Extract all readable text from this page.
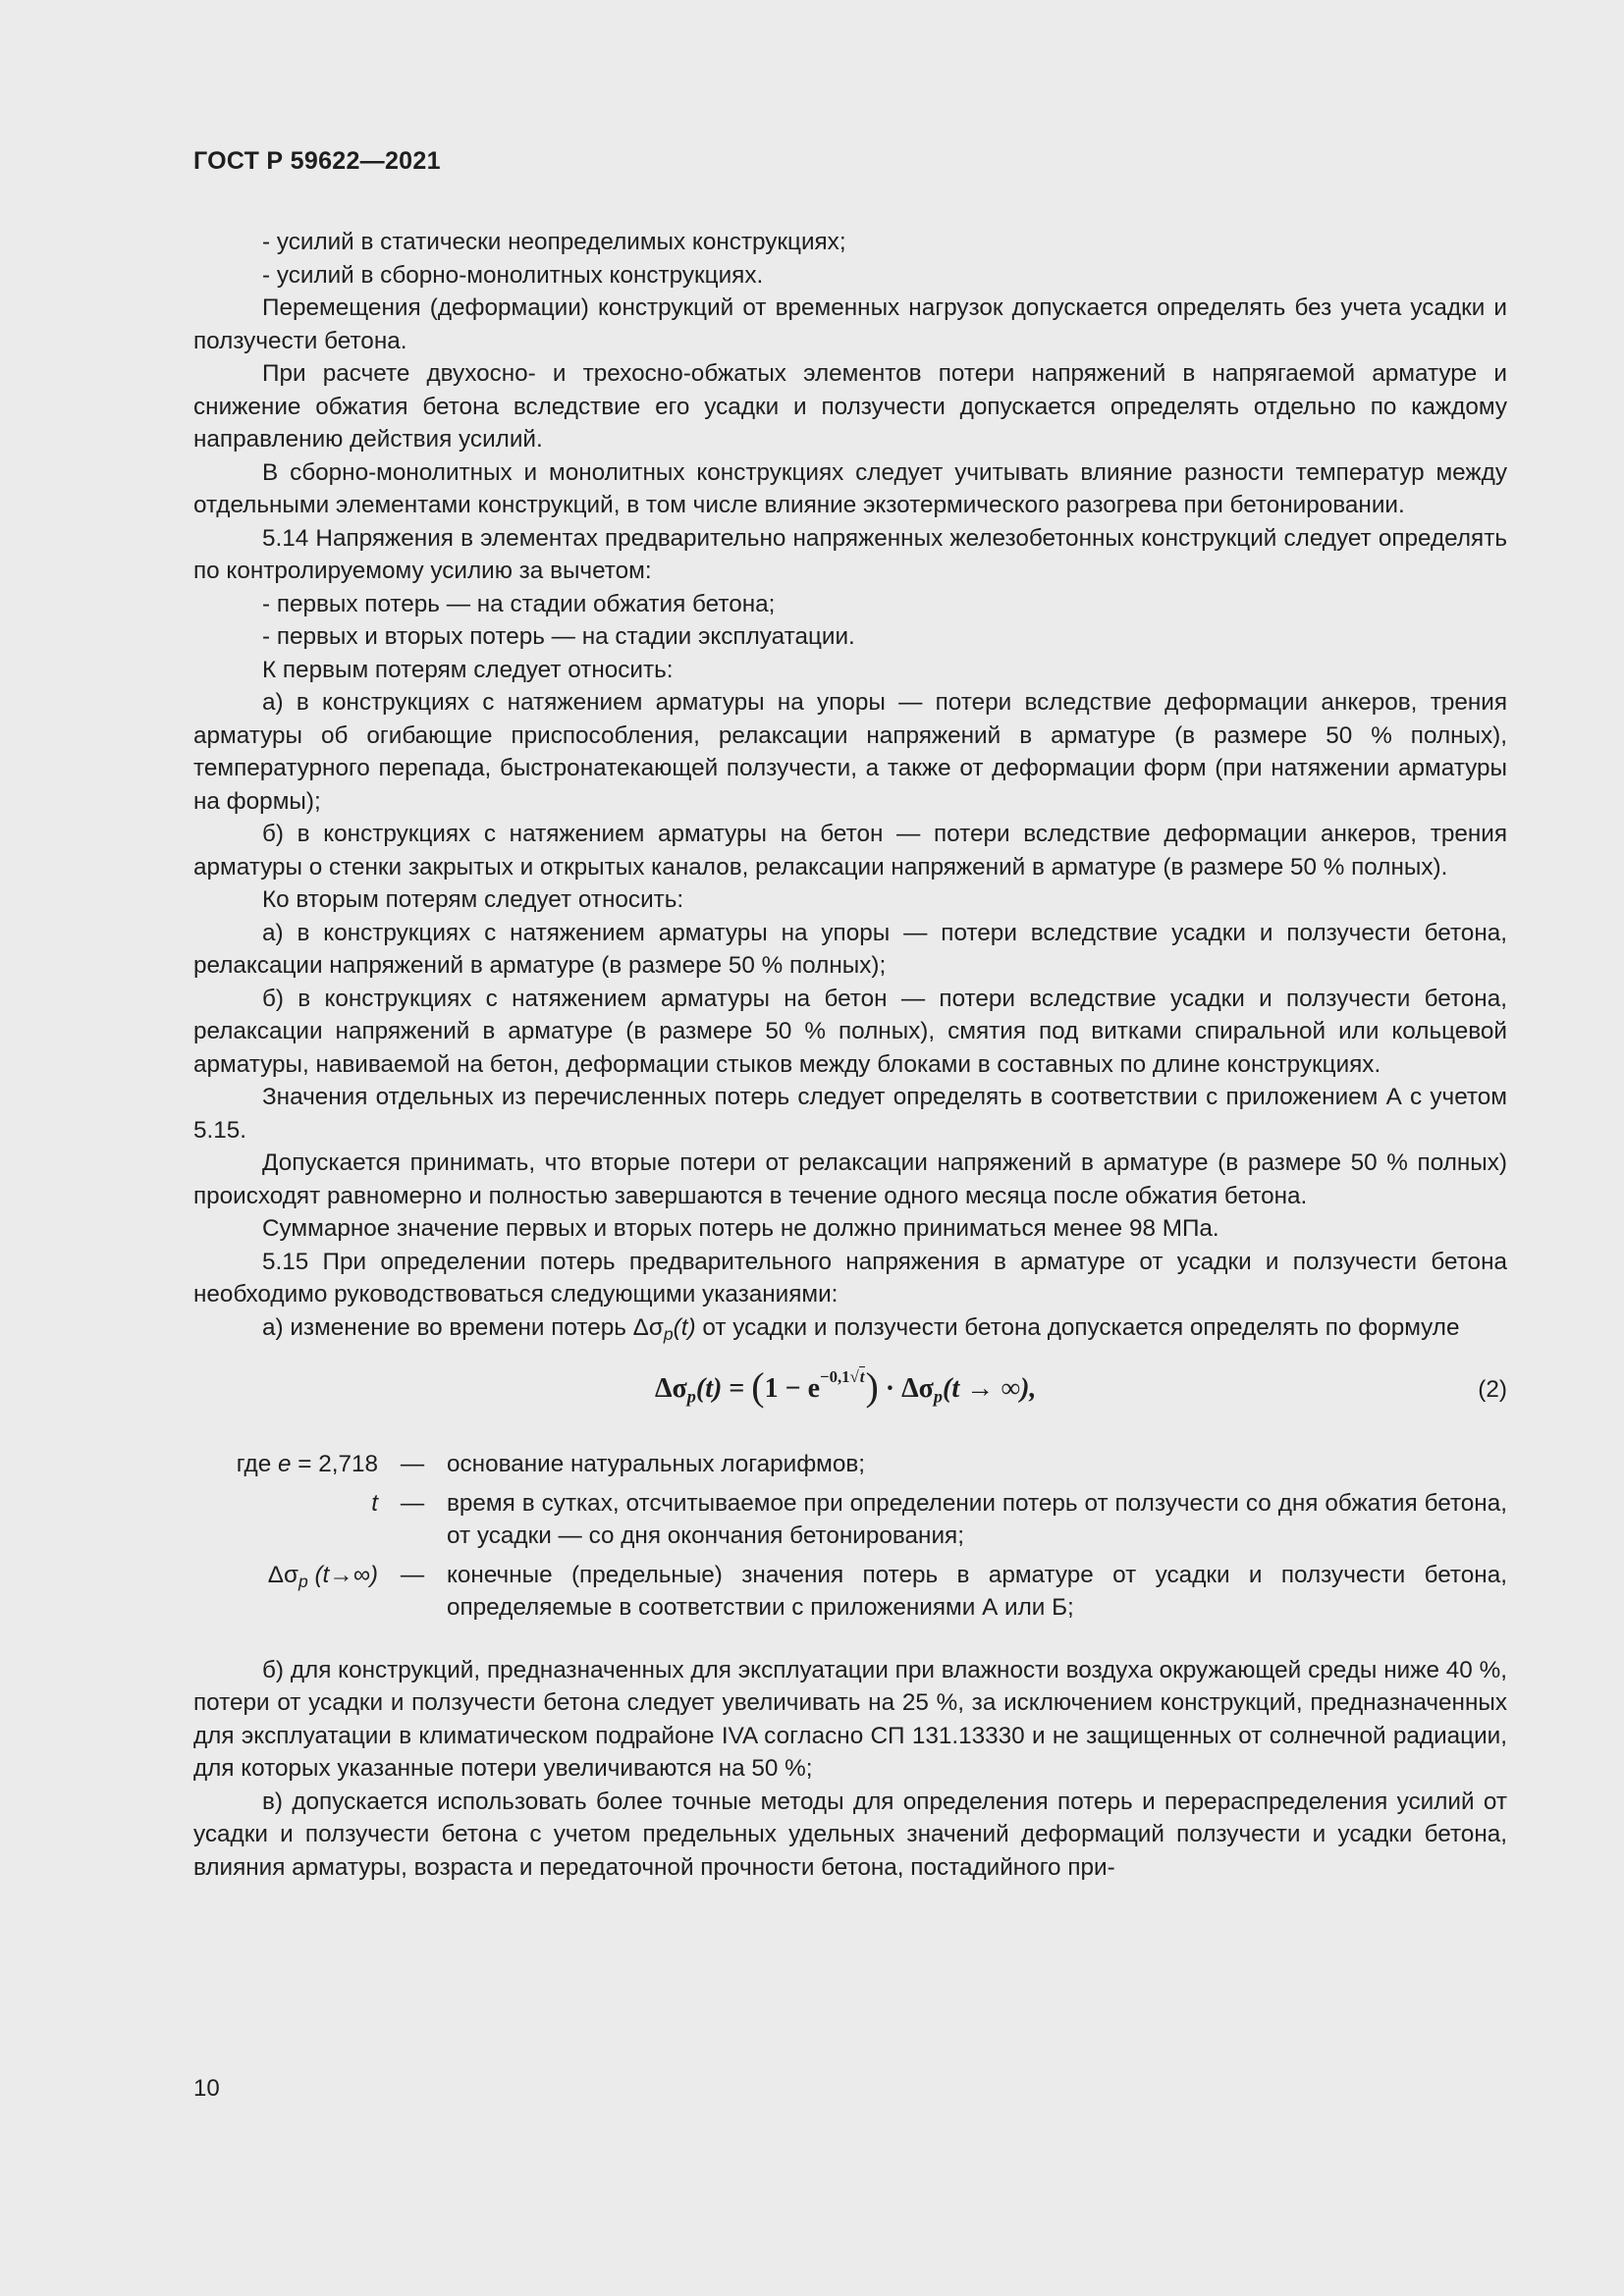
ГОСТ Р 59622—2021

- усилий в статически неопределимых конструкциях;

- усилий в сборно-монолитных конструкциях.

Перемещения (деформации) конструкций от временных нагрузок допускается определять без учета усадки и ползучести бетона.

При расчете двухосно- и трехосно-обжатых элементов потери напряжений в напрягаемой арматуре и снижение обжатия бетона вследствие его усадки и ползучести допускается определять отдельно по каждому направлению действия усилий.

В сборно-монолитных и монолитных конструкциях следует учитывать влияние разности температур между отдельными элементами конструкций, в том числе влияние экзотермического разогрева при бетонировании.

5.14 Напряжения в элементах предварительно напряженных железобетонных конструкций следует определять по контролируемому усилию за вычетом:

- первых потерь — на стадии обжатия бетона;

- первых и вторых потерь — на стадии эксплуатации.

К первым потерям следует относить:

а) в конструкциях с натяжением арматуры на упоры — потери вследствие деформации анкеров, трения арматуры об огибающие приспособления, релаксации напряжений в арматуре (в размере 50 % полных), температурного перепада, быстронатекающей ползучести, а также от деформации форм (при натяжении арматуры на формы);

б) в конструкциях с натяжением арматуры на бетон — потери вследствие деформации анкеров, трения арматуры о стенки закрытых и открытых каналов, релаксации напряжений в арматуре (в размере 50 % полных).

Ко вторым потерям следует относить:

а) в конструкциях с натяжением арматуры на упоры — потери вследствие усадки и ползучести бетона, релаксации напряжений в арматуре (в размере 50 % полных);

б) в конструкциях с натяжением арматуры на бетон — потери вследствие усадки и ползучести бетона, релаксации напряжений в арматуре (в размере 50 % полных), смятия под витками спиральной или кольцевой арматуры, навиваемой на бетон, деформации стыков между блоками в составных по длине конструкциях.

Значения отдельных из перечисленных потерь следует определять в соответствии с приложением А с учетом 5.15.

Допускается принимать, что вторые потери от релаксации напряжений в арматуре (в размере 50 % полных) происходят равномерно и полностью завершаются в течение одного месяца после обжатия бетона.

Суммарное значение первых и вторых потерь не должно приниматься менее 98 МПа.

5.15 При определении потерь предварительного напряжения в арматуре от усадки и ползучести бетона необходимо руководствоваться следующими указаниями:

а) изменение во времени потерь $\Delta\sigma_p(t)$ от усадки и ползучести бетона допускается определять по формуле

$\Delta\sigma_p(t) = (1 - e^{-0,1√t}) \cdot \Delta\sigma_p(t$ → ∞),	(2)
где e = 2,718 — основание натуральных логарифмов;
t — время в сутках, отсчитываемое при определении потерь от ползучести со дня обжатия бетона, от усадки — со дня окончания бетонирования;
$\Delta\sigma_p$ (t→∞) — конечные (предельные) значения потерь в арматуре от усадки и ползучести бетона, определяемые в соответствии с приложениями А или Б;

б) для конструкций, предназначенных для эксплуатации при влажности воздуха окружающей среды ниже 40 %, потери от усадки и ползучести бетона следует увеличивать на 25 %, за исключением конструкций, предназначенных для эксплуатации в климатическом подрайоне IVA согласно СП 131.13330 и не защищенных от солнечной радиации, для которых указанные потери увеличиваются на 50 %;

в) допускается использовать более точные методы для определения потерь и перераспределения усилий от усадки и ползучести бетона с учетом предельных удельных значений деформаций ползучести и усадки бетона, влияния арматуры, возраста и передаточной прочности бетона, постадийного при-

10
